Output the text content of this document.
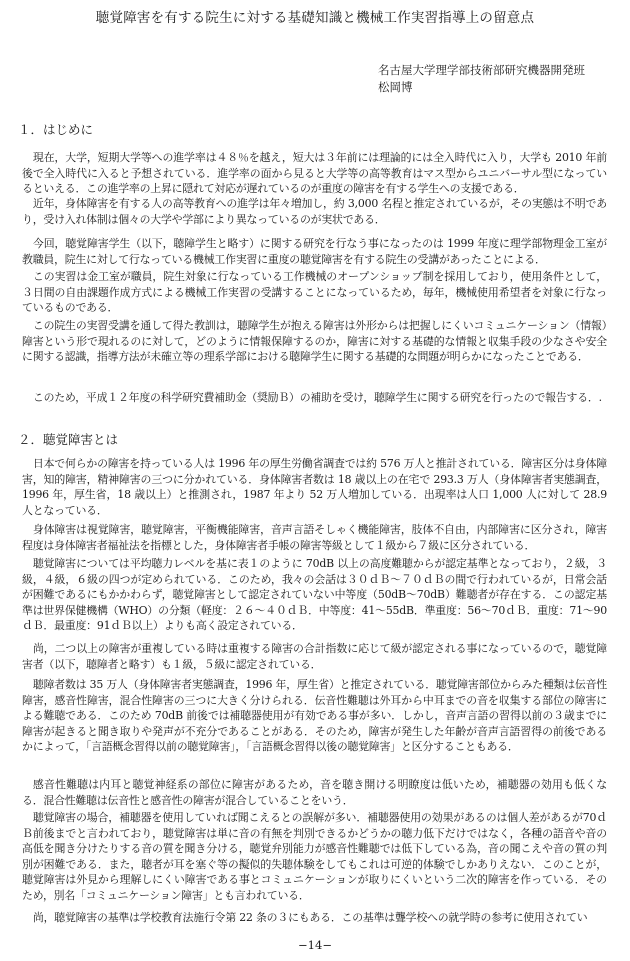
聴覚障害を有する院生に対する基礎知識と機械工作実習指導上の留意点
名古屋大学理学部技術部研究機器開発班
松岡博
１．はじめに
現在，大学，短期大学等への進学率は４８％を越え，短大は３年前には理論的には全入時代に入り，大学も 2010 年前後で全入時代に入ると予想されている．進学率の面から見ると大学等の高等教育はマス型からユニバーサル型になっているといえる．この進学率の上昇に隠れて対応が遅れているのが重度の障害を有する学生への支援である．
近年，身体障害を有する人の高等教育への進学は年々増加し，約 3,000 名程と推定されているが，その実態は不明であり，受け入れ体制は個々の大学や学部により異なっているのが実状である．
今回，聴覚障害学生（以下，聴障学生と略す）に関する研究を行なう事になったのは 1999 年度に理学部物理金工室が教職員，院生に対して行なっている機械工作実習に重度の聴覚障害を有する院生の受講があったことによる．
この実習は金工室が職員，院生対象に行なっている工作機械のオープンショップ制を採用しており，使用条件として，３日間の自由課題作成方式による機械工作実習の受講することになっているため，毎年，機械使用希望者を対象に行なっているものである．
この院生の実習受講を通して得た教訓は，聴障学生が抱える障害は外形からは把握しにくいコミュニケーション（情報）障害という形で現れるのに対して，どのように情報保障するのか，障害に対する基礎的な情報と収集手段の少なさや安全に関する認識，指導方法が未確立等の理系学部における聴障学生に関する基礎的な問題が明らかになったことである．
このため，平成１２年度の科学研究費補助金（奨励Ｂ）の補助を受け，聴障学生に関する研究を行ったので報告する．.
２．聴覚障害とは
日本で何らかの障害を持っている人は 1996 年の厚生労働省調査では約 576 万人と推計されている．障害区分は身体障害，知的障害，精神障害の三つに分かれている．身体障害者数は 18 歳以上の在宅で 293.3 万人（身体障害者実態調査，1996 年，厚生省，18 歳以上）と推測され，1987 年より 52 万人増加している．出現率は人口 1,000 人に対して 28.9 人となっている．
身体障害は視覚障害，聴覚障害，平衡機能障害，音声言語そしゃく機能障害，肢体不自由，内部障害に区分され，障害程度は身体障害者福祉法を指標とした，身体障害者手帳の障害等級として１級から７級に区分されている．
聴覚障害については平均聴力レベルを基に表１のように 70dB 以上の高度難聴からが認定基準となっており，２級，３級，４級，６級の四つが定められている．このため，我々の会話は３０ｄＢ〜７０ｄＢの間で行われているが，日常会話が困難であるにもかかわらず，聴覚障害として認定されていない中等度（50dB〜70dB）難聴者が存在する．この認定基準は世界保健機構（WHO）の分類（軽度：２６〜４０ｄＢ．中等度：41〜55dB．準重度：56〜70ｄＢ．重度：71〜90ｄＢ．最重度：91ｄＢ以上）よりも高く設定されている．
尚，二つ以上の障害が重複している時は重複する障害の合計指数に応じて級が認定される事になっているので，聴覚障害者（以下，聴障者と略す）も１級，５級に認定されている．
聴障者数は 35 万人（身体障害者実態調査，1996 年，厚生省）と推定されている．聴覚障害部位からみた種類は伝音性障害，感音性障害，混合性障害の三つに大きく分けられる．伝音性難聴は外耳から中耳までの音を収集する部位の障害による難聴である．このため 70dB 前後では補聴器使用が有効である事が多い．しかし，音声言語の習得以前の３歳までに障害が起きると聞き取りや発声が不充分であることがある．そのため，障害が発生した年齢が音声言語習得の前後であるかによって，「言語概念習得以前の聴覚障害」，「言語概念習得以後の聴覚障害」と区分することもある．
感音性難聴は内耳と聴覚神経系の部位に障害があるため，音を聴き開ける明瞭度は低いため，補聴器の効用も低くなる．混合性難聴は伝音性と感音性の障害が混合していることをいう．
聴覚障害の場合，補聴器を使用していれば聞こえるとの誤解が多い．補聴器使用の効果があるのは個人差があるが70ｄＢ前後までと言われており，聴覚障害は単に音の有無を判別できるかどうかの聴力低下だけではなく，各種の語音や音の高低を聞き分けたりする音の質を聞き分ける，聴覚弁別能力が感音性難聴では低下している為，音の聞こえや音の質の判別が困難である．また，聴者が耳を塞ぐ等の擬似的失聴体験をしてもこれは可逆的体験でしかありえない．このことが，聴覚障害は外見から理解しにくい障害である事とコミュニケーションが取りにくいという二次的障害を作っている．そのため，別名「コミュニケーション障害」とも言われている．
尚，聴覚障害の基準は学校教育法施行令第 22 条の３にもある．この基準は聾学校への就学時の参考に使用されてい
−14−
